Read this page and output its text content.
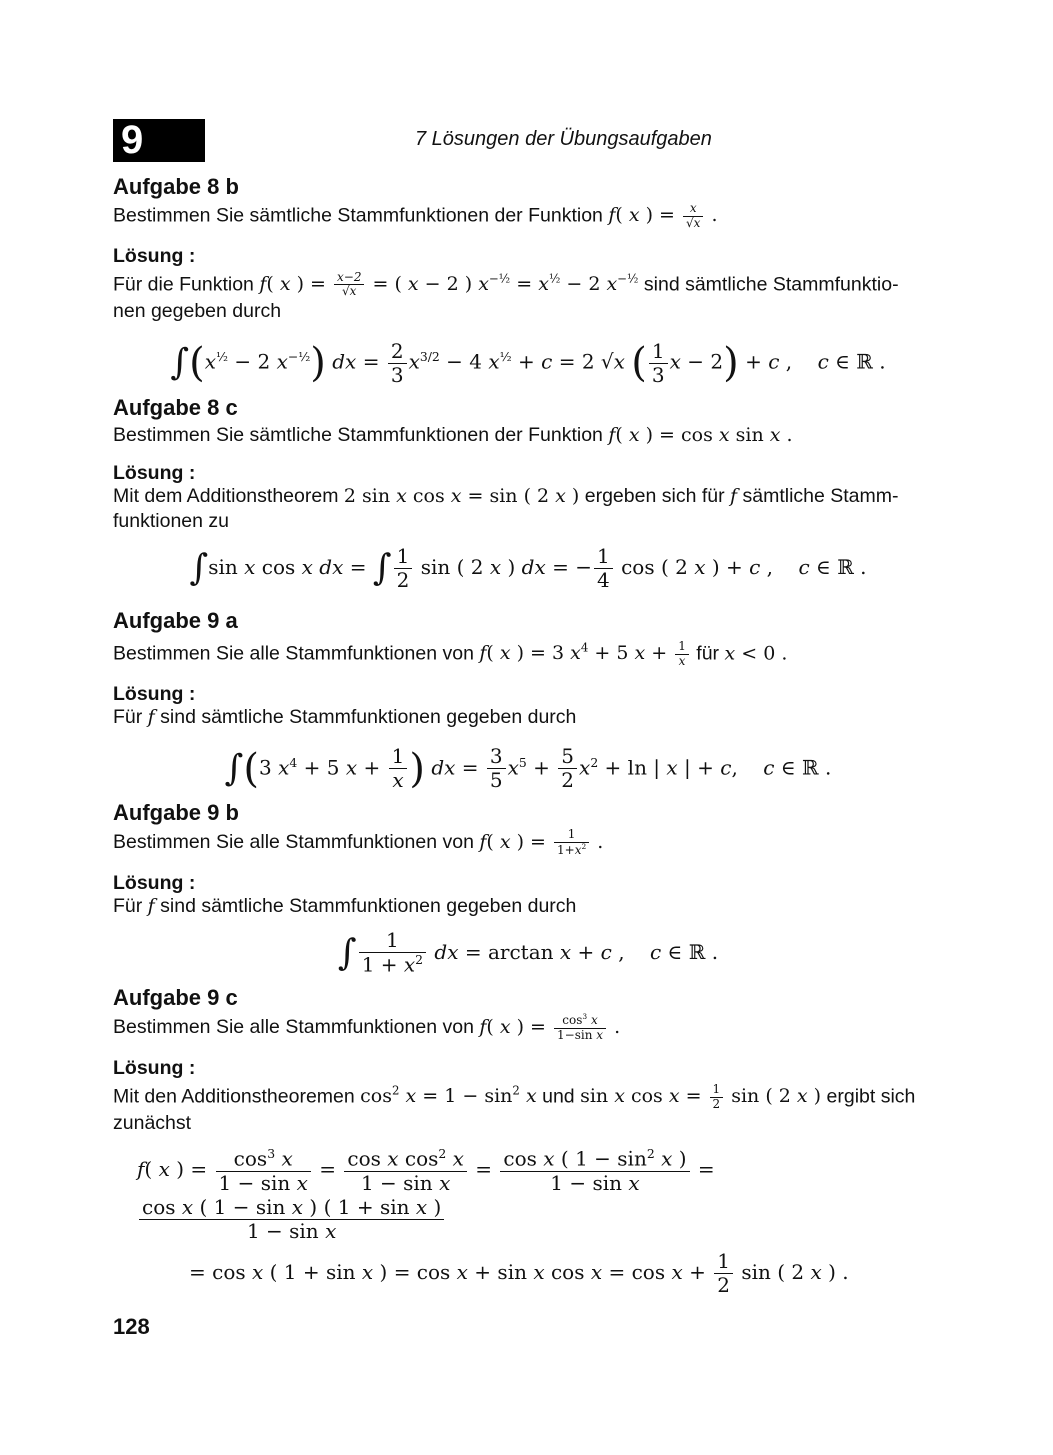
9	7 Lösungen der Übungsaufgaben
Aufgabe 8 b

Bestimmen Sie sämtliche Stammfunktionen der Funktion f( x ) = $\frac{x}{√x}$ .

Lösung :

Für die Funktion f( x ) = $\frac{x-2}{√x}$ = ( x − 2 ) $x^{-\frac{1}{2}} = x^{\frac{1}{2}} - 2$ $x^{-\frac{1}{2}}$ sind sämtliche Stammfunktio-
nen gegeben durch

$\int(x^{\frac{1}{2}} - 2$ $x^{-\frac{1}{2}}$) dx = $\frac{2}{3} x^{3/2} - 4$ $x^{\frac{1}{2}} + c = 2$ √x ( $\frac{1}{3}$ x − 2) + c ,    c ∈ ℝ .
Aufgabe 8 c

Bestimmen Sie sämtliche Stammfunktionen der Funktion f( x ) = cos x sin x .

Lösung :

Mit dem Additionstheorem 2 sin x cos x = sin ( 2 x ) ergeben sich für f sämtliche Stamm-
funktionen zu

∫sin x cos x dx = ∫ $\frac{1}{2}$ sin ( 2 x ) dx = − $\frac{1}{4}$ cos ( 2 x ) + c ,    c ∈ ℝ .
Aufgabe 9 a

Bestimmen Sie alle Stammfunktionen von f( x ) = 3 $x^4 + 5$ $x + \frac{1}{x}$ für x < 0 .

Lösung :

Für f sind sämtliche Stammfunktionen gegeben durch

∫(3 $x^4 + 5$ $x + \frac{1}{x}$ ) dx = $\frac{3}{5} x^5 + \frac{5}{2} x^2 + \ln$ | x | + c,    c ∈ ℝ .
Aufgabe 9 b

Bestimmen Sie alle Stammfunktionen von f( x ) = $\frac{1}{1+x^2}$ .

Lösung :

Für f sind sämtliche Stammfunktionen gegeben durch

∫ $\frac{1}{1 + x^2}$ dx = arctan x + c ,    c ∈ ℝ .
Aufgabe 9 c

Bestimmen Sie alle Stammfunktionen von f( x ) = $\frac{\cos^3 x}{\text{1−sin x}}$ .

Lösung :

Mit den Additionstheoremen $\cos^2 x = 1 - \sin^2 x$ und sin x $\cos x = \frac{1}{2}$ sin ( 2 x ) ergibt sich
zunächst

f( x ) = $\frac{\cos^3 x}{\text{1 − sin x}} = \frac{\cos x \cos^2 x}{\text{1 − sin x}} = \frac{\cos x ( 1 - \sin^2 x )}{\text{1 − sin x}}$ =
$\frac{\text{cos x ( 1 − sin x ) ( 1 + sin x )}}{\text{1 − sin x}}$
= cos x ( 1 + sin x ) = cos x + sin x $\cos x = \cos x + \frac{1}{2}$ sin ( 2 x ) .
128
